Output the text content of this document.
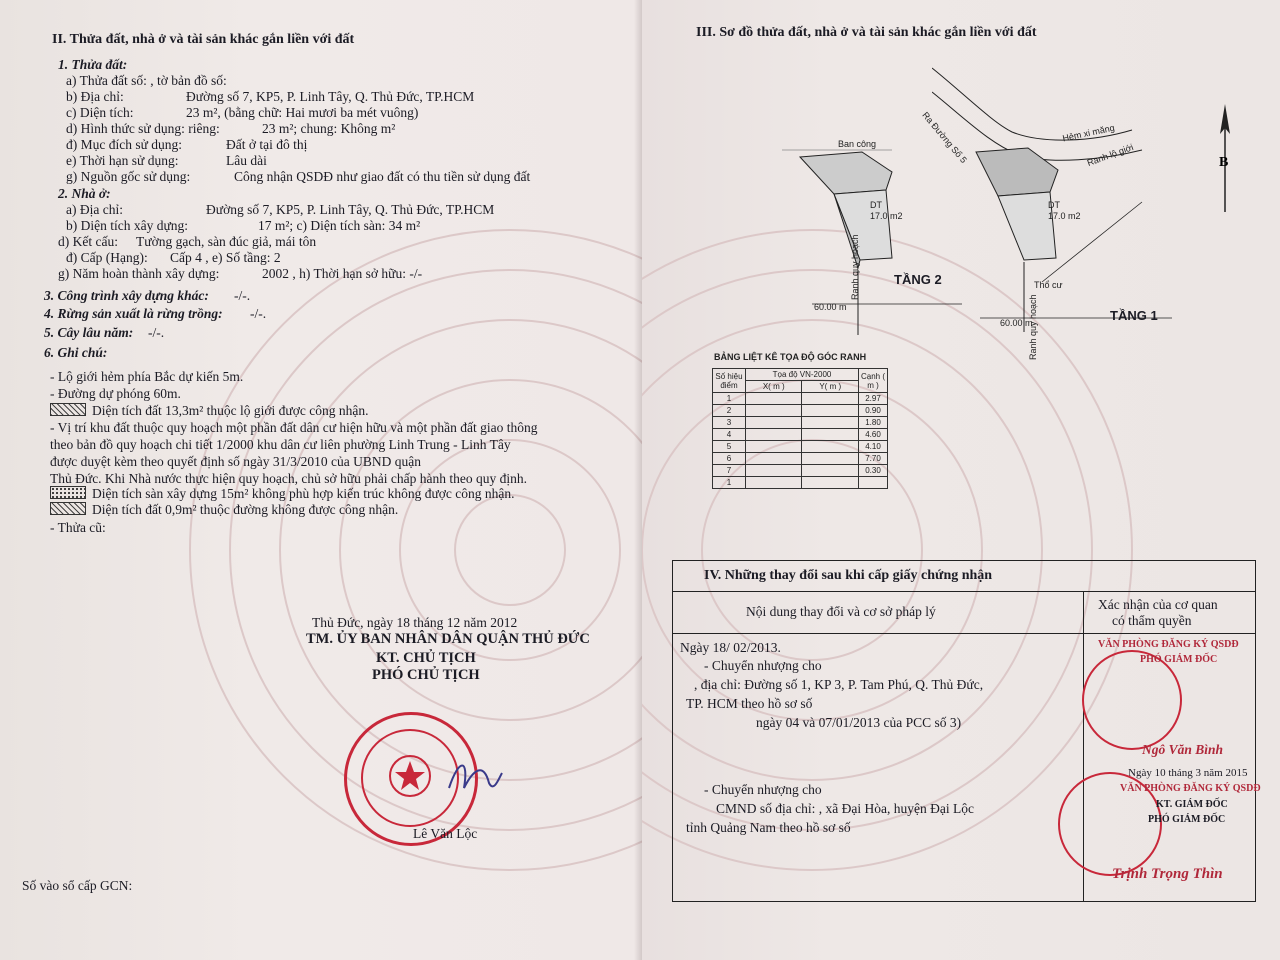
II. Thửa đất, nhà ở và tài sản khác gắn liền với đất
1. Thửa đất:
a) Thửa đất số: , tờ bản đồ số:
b) Địa chỉ:	Đường số 7, KP5, P. Linh Tây, Q. Thủ Đức, TP.HCM
c) Diện tích:	23 m², (bằng chữ: Hai mươi ba mét vuông)
d) Hình thức sử dụng: riêng:	23 m²; chung: Không m²
đ) Mục đích sử dụng:	Đất ở tại đô thị
e) Thời hạn sử dụng:	Lâu dài
g) Nguồn gốc sử dụng:	Công nhận QSDĐ như giao đất có thu tiền sử dụng đất
2. Nhà ở:
a) Địa chỉ:	Đường số 7, KP5, P. Linh Tây, Q. Thủ Đức, TP.HCM
b) Diện tích xây dựng:	17 m²; c) Diện tích sàn: 34 m²
d) Kết cấu: Tường gạch, sàn đúc giả, mái tôn
đ) Cấp (Hạng): Cấp 4 , e) Số tầng: 2
g) Năm hoàn thành xây dựng:	2002 , h) Thời hạn sở hữu: -/-
3. Công trình xây dựng khác: -/-.
4. Rừng sản xuất là rừng trồng: -/-.
5. Cây lâu năm: -/-.
6. Ghi chú:
- Lộ giới hẻm phía Bắc dự kiến 5m.
- Đường dự phóng 60m.
Diện tích đất 13,3m² thuộc lộ giới được công nhận.
- Vị trí khu đất thuộc quy hoạch một phần đất dân cư hiện hữu và một phần đất giao thông
theo bản đồ quy hoạch chi tiết 1/2000 khu dân cư liên phường Linh Trung - Linh Tây
được duyệt kèm theo quyết định số ngày 31/3/2010 của UBND quận
Thủ Đức. Khi Nhà nước thực hiện quy hoạch, chủ sở hữu phải chấp hành theo quy định.
Diện tích sàn xây dựng 15m² không phù hợp kiến trúc không được công nhận.
Diện tích đất 0,9m² thuộc đường không được công nhận.
- Thửa cũ:
Thủ Đức, ngày 18 tháng 12 năm 2012
TM. ỦY BAN NHÂN DÂN QUẬN THỦ ĐỨC
KT. CHỦ TỊCH
PHÓ CHỦ TỊCH
Lê Văn Lộc
Số vào sổ cấp GCN:
III. Sơ đồ thửa đất, nhà ở và tài sản khác gắn liền với đất
B
Ban công
DT
17.0 m2
60.00 m
Ranh quy hoạch	TẦNG 2
Ra Đường Số 5	Hẻm xi măng
Ranh lộ giới
DT
17.0 m2
Thổ cư
60.00 m
Ranh quy hoạch	TẦNG 1
BẢNG LIỆT KÊ TỌA ĐỘ GÓC RANH
Số hiệu điểm	Tọa độ VN-2000		Cạnh ( m )
	X( m )	Y( m )	
1			2.97
2			0.90
3			1.80
4			4.60
5			4.10
6			7.70
7			0.30
1			
IV. Những thay đổi sau khi cấp giấy chứng nhận
Nội dung thay đổi và cơ sở pháp lý	Xác nhận của cơ quan
có thẩm quyền
Ngày 18/ 02/2013.
- Chuyển nhượng cho
, địa chỉ: Đường số 1, KP 3, P. Tam Phú, Q. Thủ Đức,
TP. HCM theo hồ sơ số
ngày 04 và 07/01/2013 của PCC số 3)
- Chuyển nhượng cho
CMND số địa chỉ: , xã Đại Hòa, huyện Đại Lộc
tỉnh Quảng Nam theo hồ sơ số
VĂN PHÒNG ĐĂNG KÝ QSDĐ
PHÓ GIÁM ĐỐC
Ngô Văn Bình
Ngày 10 tháng 3 năm 2015
VĂN PHÒNG ĐĂNG KÝ QSDĐ
KT. GIÁM ĐỐC
PHÓ GIÁM ĐỐC
Trịnh Trọng Thìn
